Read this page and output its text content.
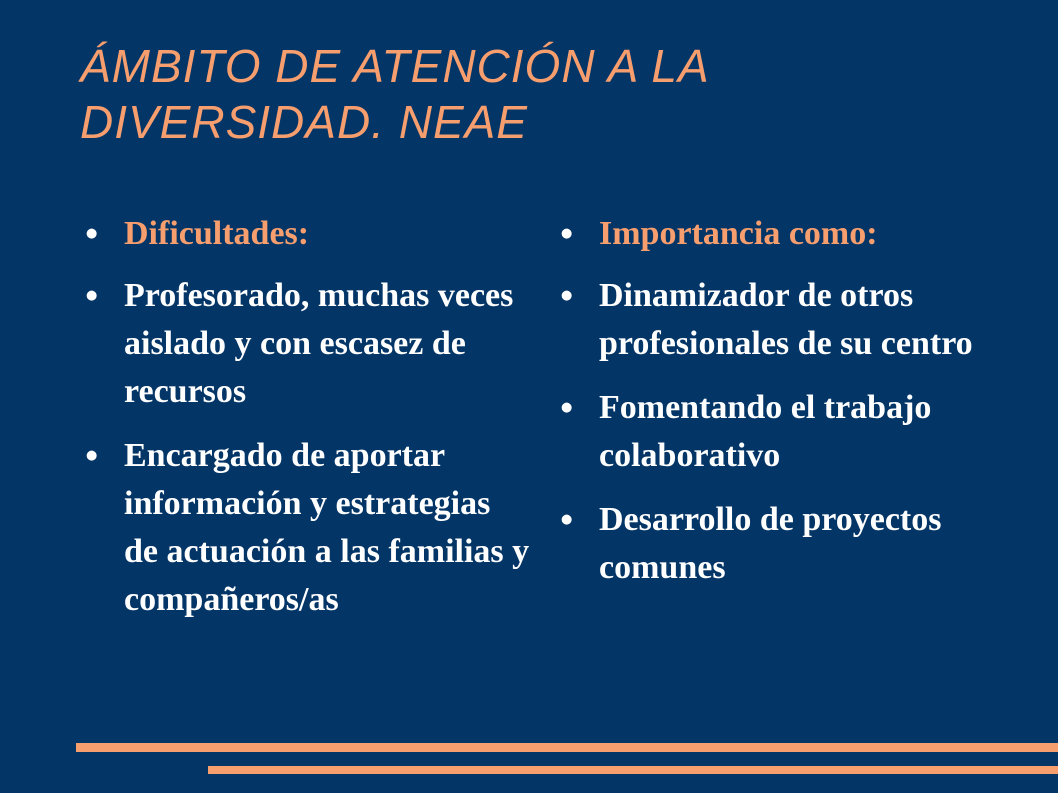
ÁMBITO DE ATENCIÓN A LA DIVERSIDAD. NEAE
● Dificultades:
● Profesorado, muchas veces aislado y con escasez de recursos
● Encargado de aportar información y estrategias de actuación a las familias y compañeros/as
● Importancia como:
● Dinamizador de otros profesionales de su centro
● Fomentando el trabajo colaborativo
● Desarrollo de proyectos comunes
